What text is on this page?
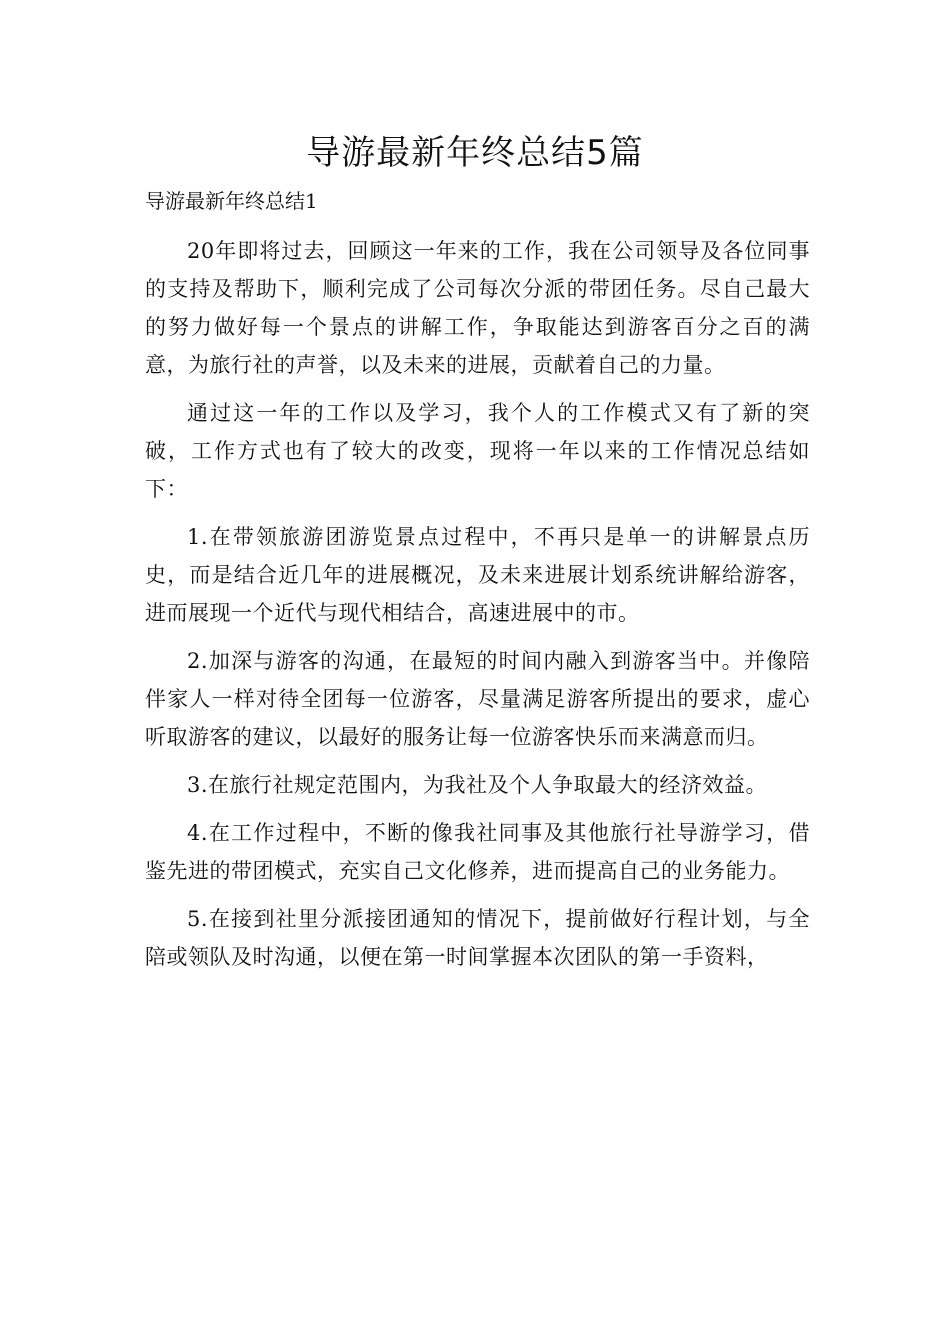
导游最新年终总结5篇
导游最新年终总结1

20年即将过去，回顾这一年来的工作，我在公司领导及各位同事的支持及帮助下，顺利完成了公司每次分派的带团任务。尽自己最大的努力做好每一个景点的讲解工作，争取能达到游客百分之百的满意，为旅行社的声誉，以及未来的进展，贡献着自己的力量。

通过这一年的工作以及学习，我个人的工作模式又有了新的突破，工作方式也有了较大的改变，现将一年以来的工作情况总结如下：

1.在带领旅游团游览景点过程中，不再只是单一的讲解景点历史，而是结合近几年的进展概况，及未来进展计划系统讲解给游客，进而展现一个近代与现代相结合，高速进展中的市。

2.加深与游客的沟通，在最短的时间内融入到游客当中。并像陪伴家人一样对待全团每一位游客，尽量满足游客所提出的要求，虚心听取游客的建议，以最好的服务让每一位游客快乐而来满意而归。

3.在旅行社规定范围内，为我社及个人争取最大的经济效益。

4.在工作过程中，不断的像我社同事及其他旅行社导游学习，借鉴先进的带团模式，充实自己文化修养，进而提高自己的业务能力。

5.在接到社里分派接团通知的情况下，提前做好行程计划，与全陪或领队及时沟通，以便在第一时间掌握本次团队的第一手资料，
